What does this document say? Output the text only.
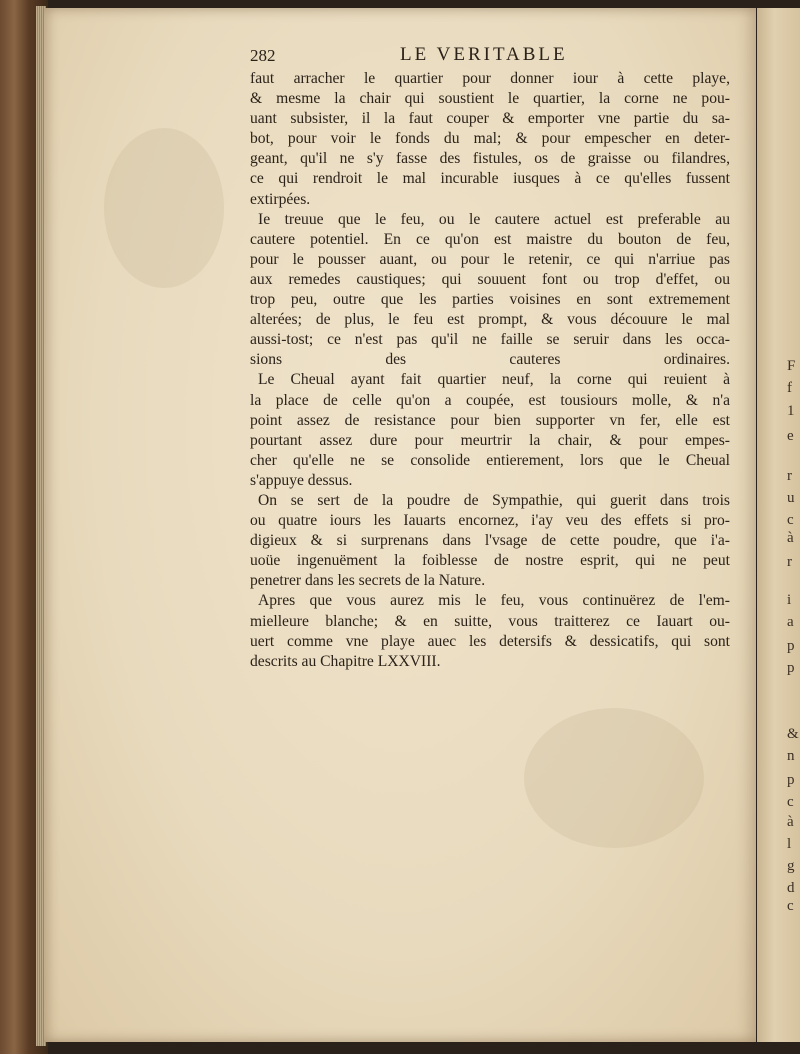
F
f
1
e
r
u
c
à
r
i
a
p
p
&
n
p
c
à
l
g
d
c
282	LE VERITABLE

faut arracher le quartier pour donner iour à cette playe,
& mesme la chair qui soustient le quartier, la corne ne pou-
uant subsister, il la faut couper & emporter vne partie du sa-
bot, pour voir le fonds du mal; & pour empescher en deter-
geant, qu'il ne s'y fasse des fistules, os de graisse ou filandres,
ce qui rendroit le mal incurable iusques à ce qu'elles fussent
extirpées.

Ie treuue que le feu, ou le cautere actuel est preferable au
cautere potentiel. En ce qu'on est maistre du bouton de feu,
pour le pousser auant, ou pour le retenir, ce qui n'arriue pas
aux remedes caustiques; qui souuent font ou trop d'effet, ou
trop peu, outre que les parties voisines en sont extremement
alterées; de plus, le feu est prompt, & vous découure le mal
aussi-tost; ce n'est pas qu'il ne faille se seruir dans les occa-
sions des cauteres ordinaires.

Le Cheual ayant fait quartier neuf, la corne qui reuient à
la place de celle qu'on a coupée, est tousiours molle, & n'a
point assez de resistance pour bien supporter vn fer, elle est
pourtant assez dure pour meurtrir la chair, & pour empes-
cher qu'elle ne se consolide entierement, lors que le Cheual
s'appuye dessus.

On se sert de la poudre de Sympathie, qui guerit dans trois
ou quatre iours les Iauarts encornez, i'ay veu des effets si pro-
digieux & si surprenans dans l'vsage de cette poudre, que i'a-
uoüe ingenuëment la foiblesse de nostre esprit, qui ne peut
penetrer dans les secrets de la Nature.

Apres que vous aurez mis le feu, vous continuërez de l'em-
mielleure blanche; & en suitte, vous traitterez ce Iauart ou-
uert comme vne playe auec les detersifs & dessicatifs, qui sont
descrits au Chapitre LXXVIII.
